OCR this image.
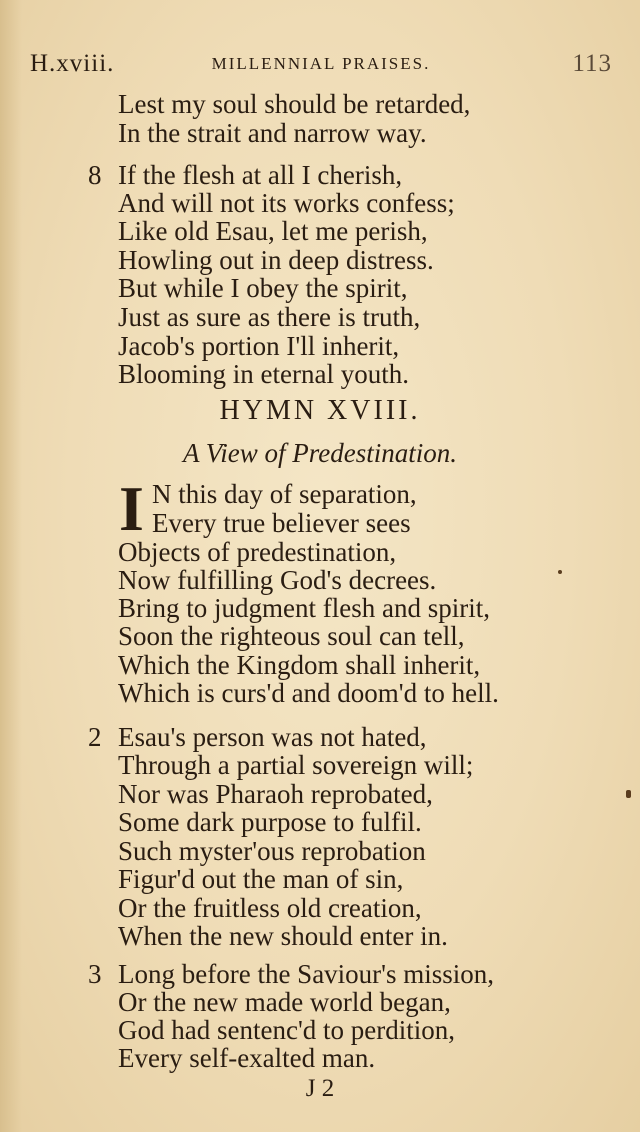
H.xviii.	MILLENNIAL PRAISES.	113
Lest my soul should be retarded,
In the strait and narrow way.
8 If the flesh at all I cherish,
And will not its works confess;
Like old Esau, let me perish,
Howling out in deep distress.
But while I obey the spirit,
Just as sure as there is truth,
Jacob's portion I'll inherit,
Blooming in eternal youth.
HYMN XVIII.
A View of Predestination.
I N this day of separation,
Every true believer sees
Objects of predestination,
Now fulfilling God's decrees.
Bring to judgment flesh and spirit,
Soon the righteous soul can tell,
Which the Kingdom shall inherit,
Which is curs'd and doom'd to hell.
2 Esau's person was not hated,
Through a partial sovereign will;
Nor was Pharaoh reprobated,
Some dark purpose to fulfil.
Such myster'ous reprobation
Figur'd out the man of sin,
Or the fruitless old creation,
When the new should enter in.
3 Long before the Saviour's mission,
Or the new made world began,
God had sentenc'd to perdition,
Every self-exalted man.
J 2
